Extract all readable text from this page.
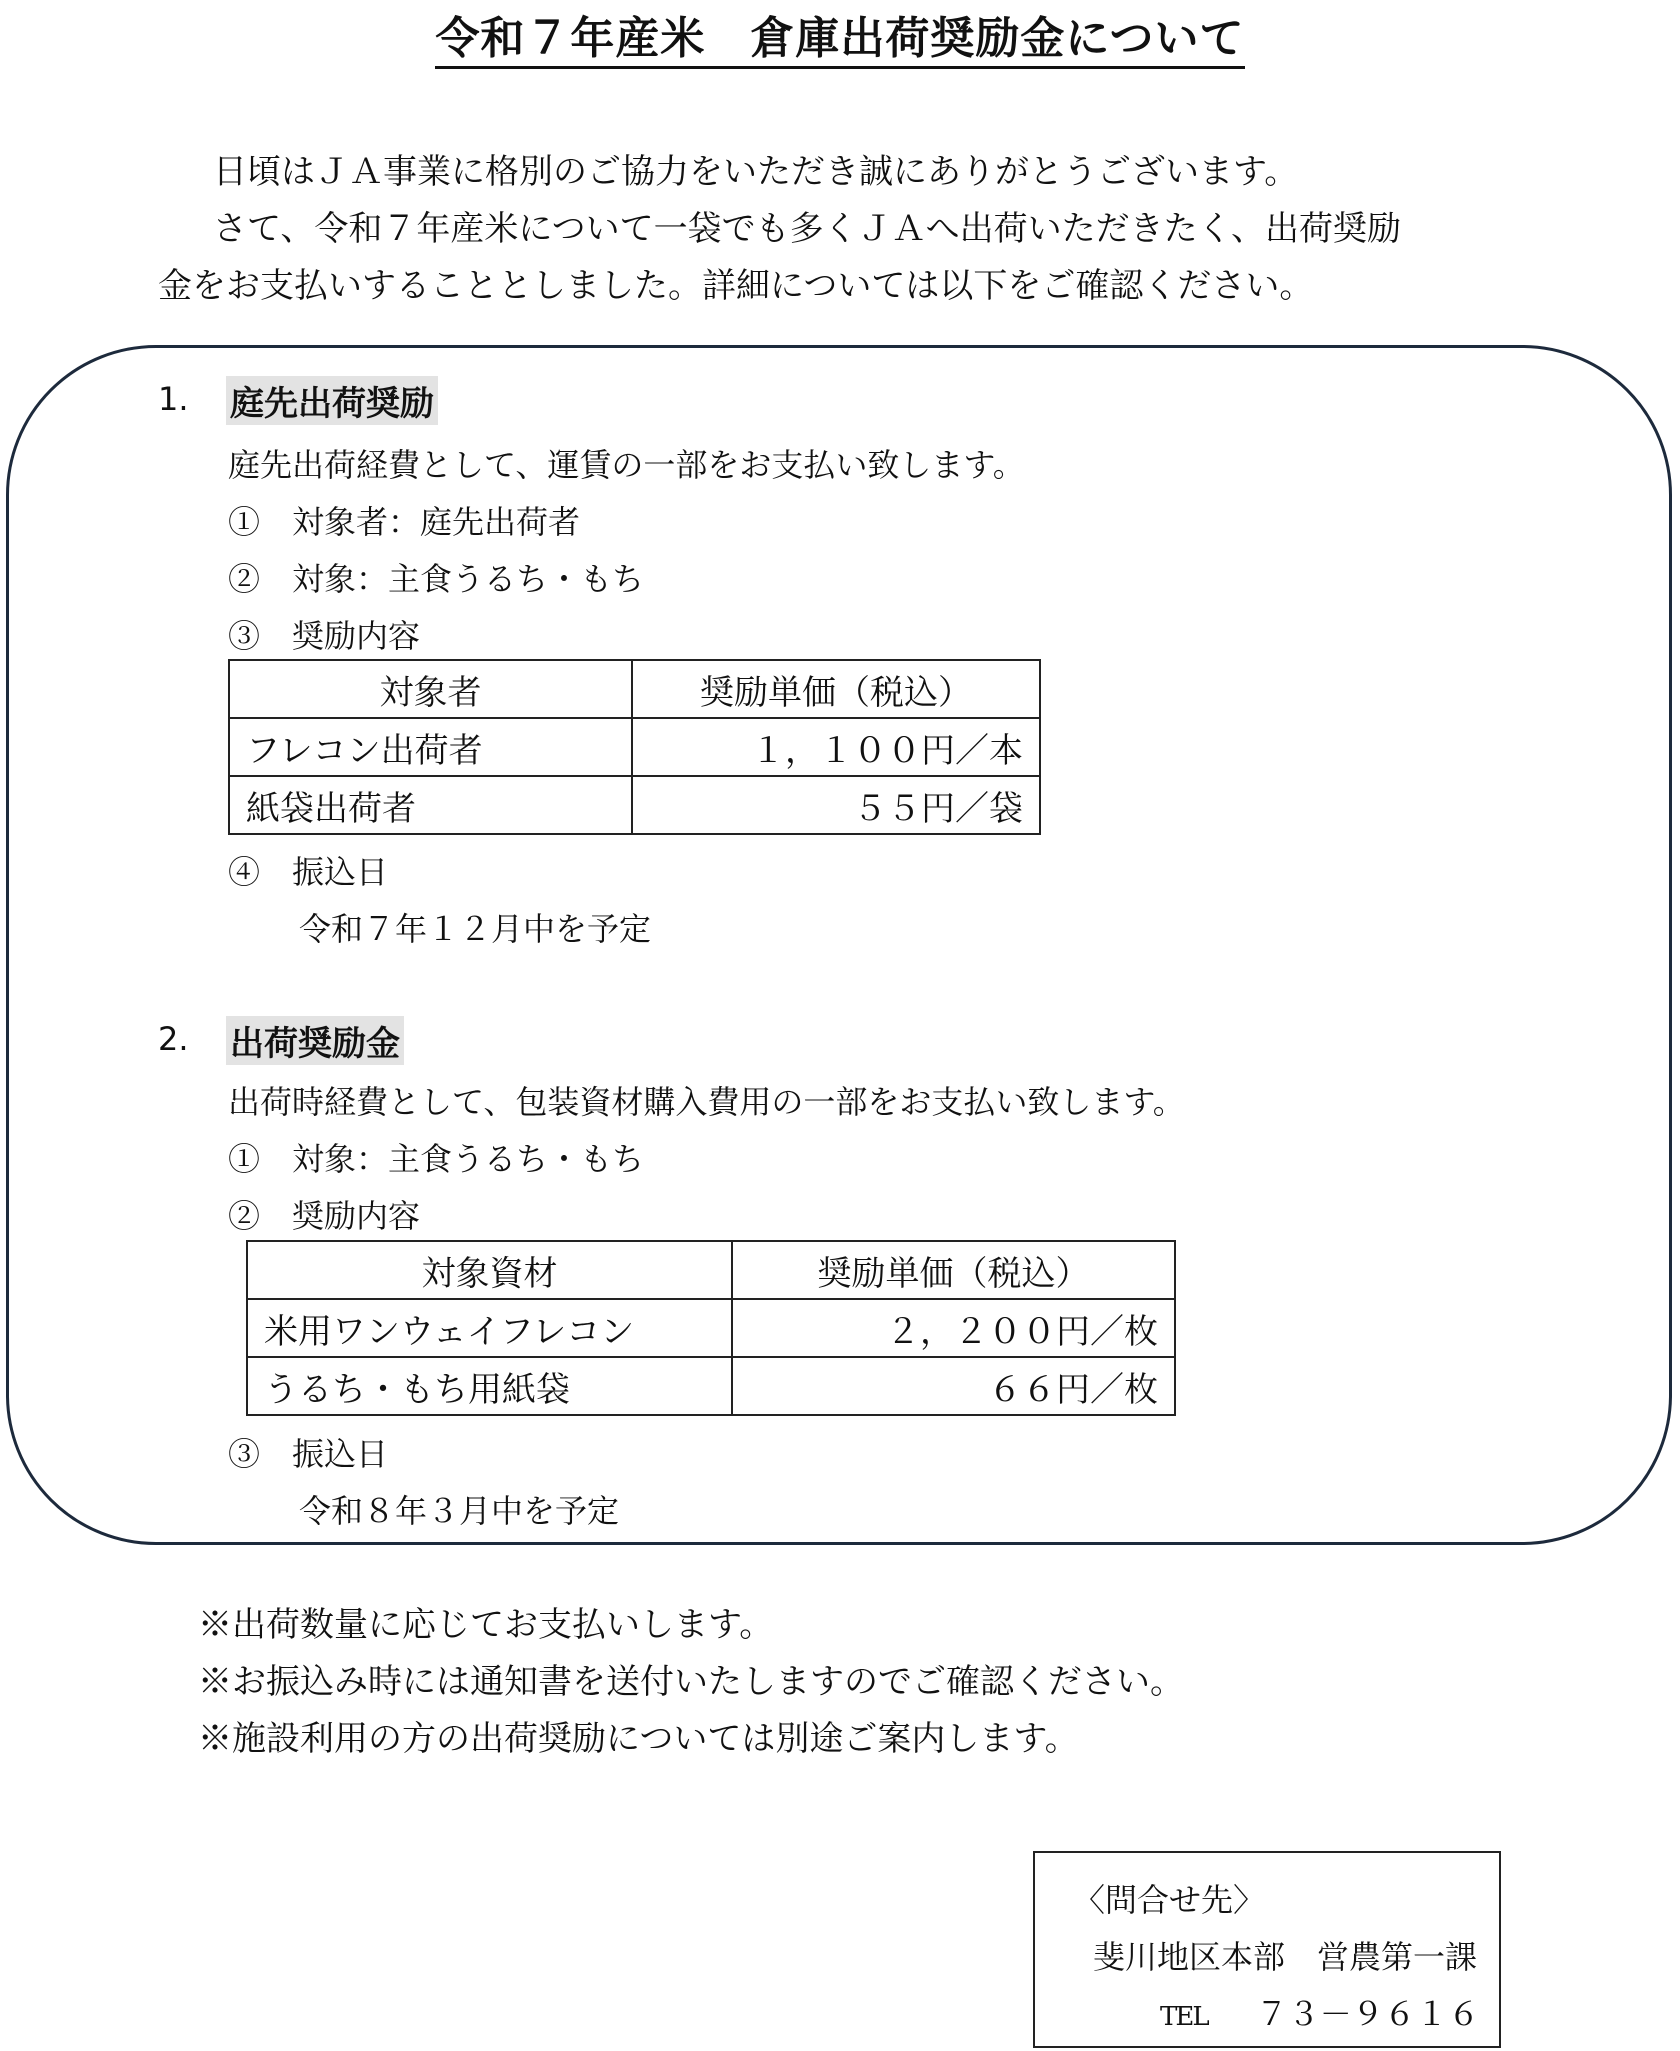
令和７年産米　倉庫出荷奨励金について
日頃はＪＡ事業に格別のご協力をいただき誠にありがとうございます。
さて、令和７年産米について一袋でも多くＪＡへ出荷いただきたく、出荷奨励
金をお支払いすることとしました。詳細については以下をご確認ください。
1. 庭先出荷奨励
庭先出荷経費として、運賃の一部をお支払い致します。
①　対象者：庭先出荷者
②　対象：主食うるち・もち
③　奨励内容
対象者	奨励単価（税込）
フレコン出荷者	１，１００円／本
紙袋出荷者	５５円／袋
④　振込日
令和７年１２月中を予定
2. 出荷奨励金
出荷時経費として、包装資材購入費用の一部をお支払い致します。
①　対象：主食うるち・もち
②　奨励内容
対象資材	奨励単価（税込）
米用ワンウェイフレコン	２，２００円／枚
うるち・もち用紙袋	６６円／枚
③　振込日
令和８年３月中を予定
※出荷数量に応じてお支払いします。
※お振込み時には通知書を送付いたしますのでご確認ください。
※施設利用の方の出荷奨励については別途ご案内します。
〈問合せ先〉
斐川地区本部　営農第一課
TEL ７３－９６１６
